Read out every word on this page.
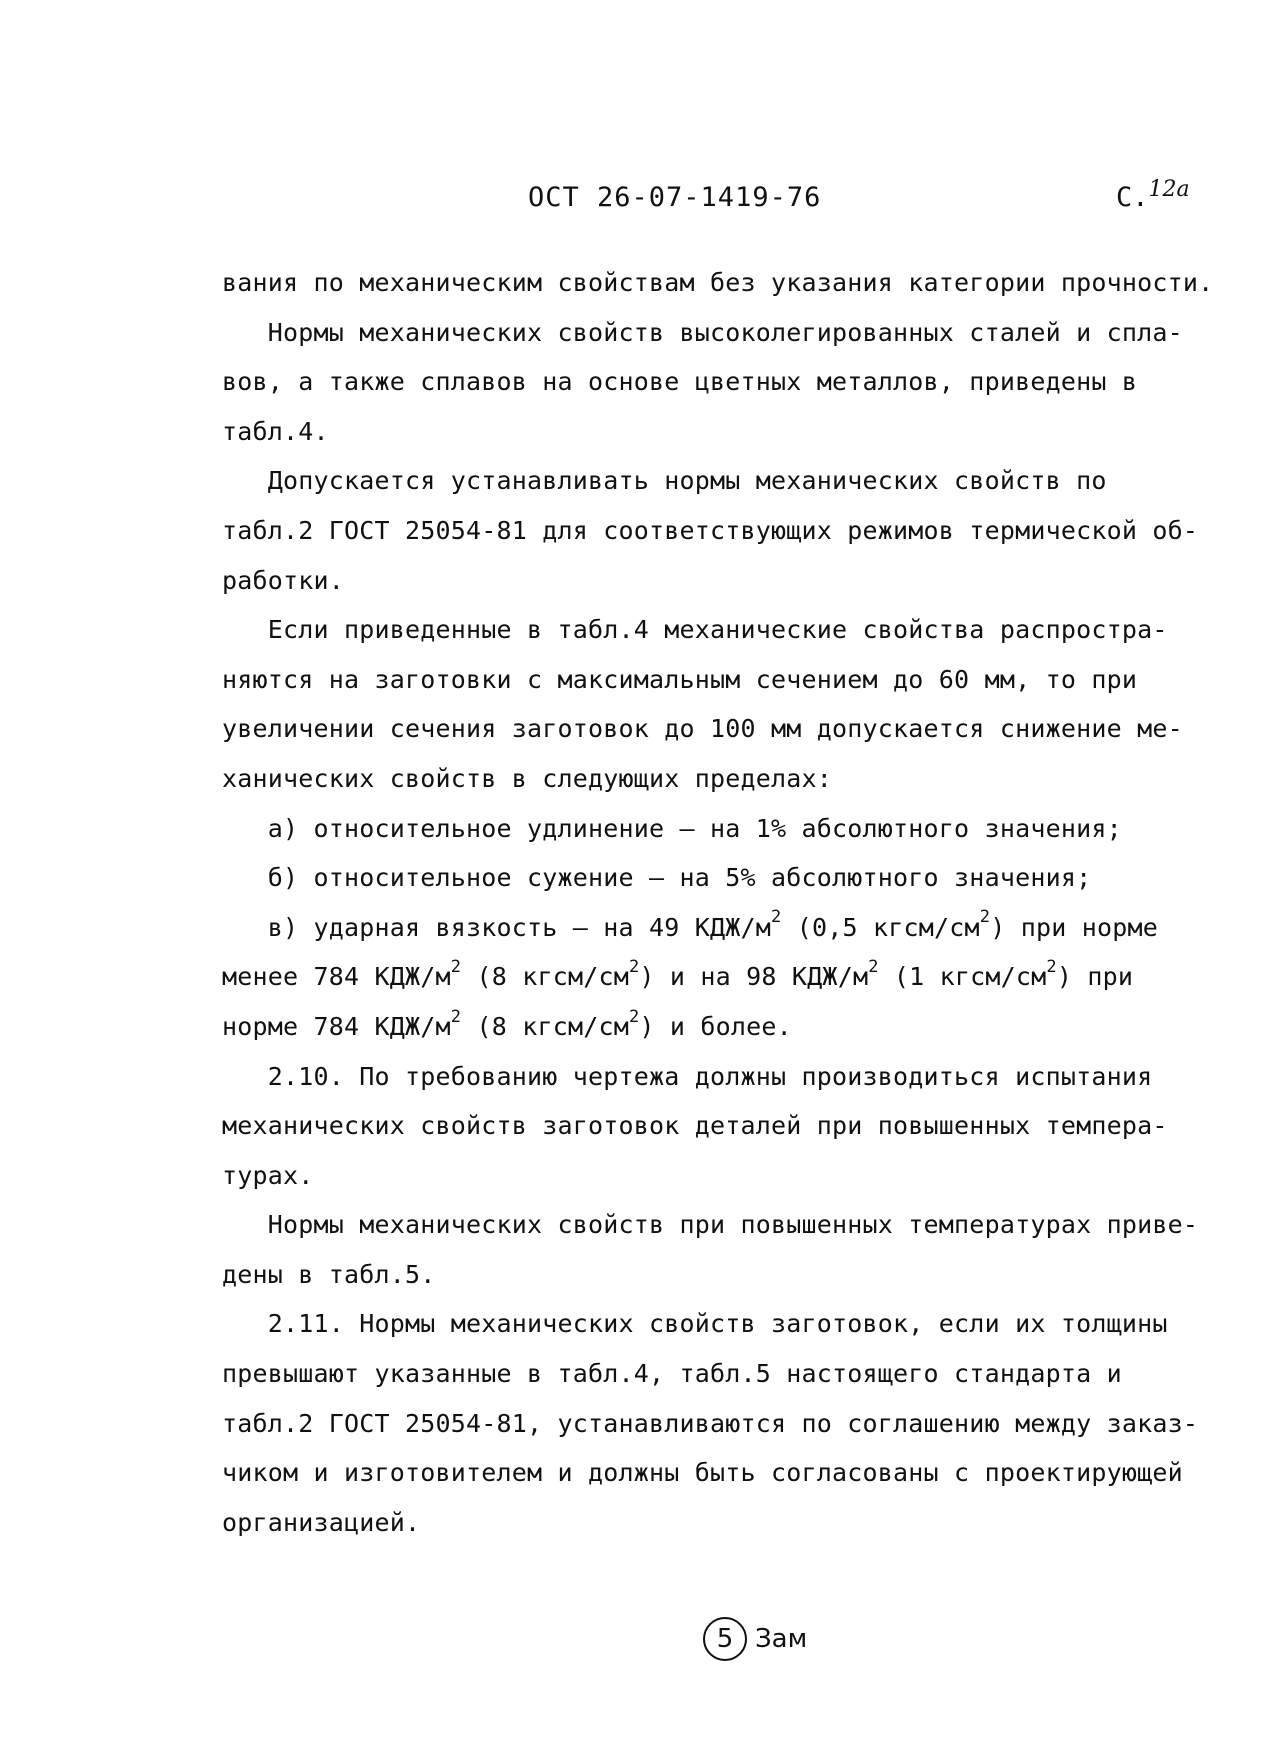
ОСТ 26-07-1419-76	С.$^{12а}$

вания по механическим свойствам без указания категории прочности.

Нормы механических свойств высоколегированных сталей и спла-

вов, а также сплавов на основе цветных металлов, приведены в

табл.4.

Допускается устанавливать нормы механических свойств по

табл.2 ГОСТ 25054-81 для соответствующих режимов термической об-

работки.

Если приведенные в табл.4 механические свойства распростра-

няются на заготовки с максимальным сечением до 60 мм, то при

увеличении сечения заготовок до 100 мм допускается снижение ме-

ханических свойств в следующих пределах:

а) относительное удлинение – на 1% абсолютного значения;

б) относительное сужение – на 5% абсолютного значения;

в) ударная вязкость – на 49 КДЖ/$м^2$ (0,5 кгсм/$см^2$) при норме

менее 784 КДЖ/$м^2$ (8 кгсм/$см^2$) и на 98 КДЖ/$м^2$ (1 кгсм/$см^2$) при

норме 784 КДЖ/$м^2$ (8 кгсм/$см^2$) и более.

2.10. По требованию чертежа должны производиться испытания

механических свойств заготовок деталей при повышенных темпера-

турах.

Нормы механических свойств при повышенных температурах приве-

дены в табл.5.

2.11. Нормы механических свойств заготовок, если их толщины

превышают указанные в табл.4, табл.5 настоящего стандарта и

табл.2 ГОСТ 25054-81, устанавливаются по соглашению между заказ-

чиком и изготовителем и должны быть согласованы с проектирующей

организацией.

5 Зам
